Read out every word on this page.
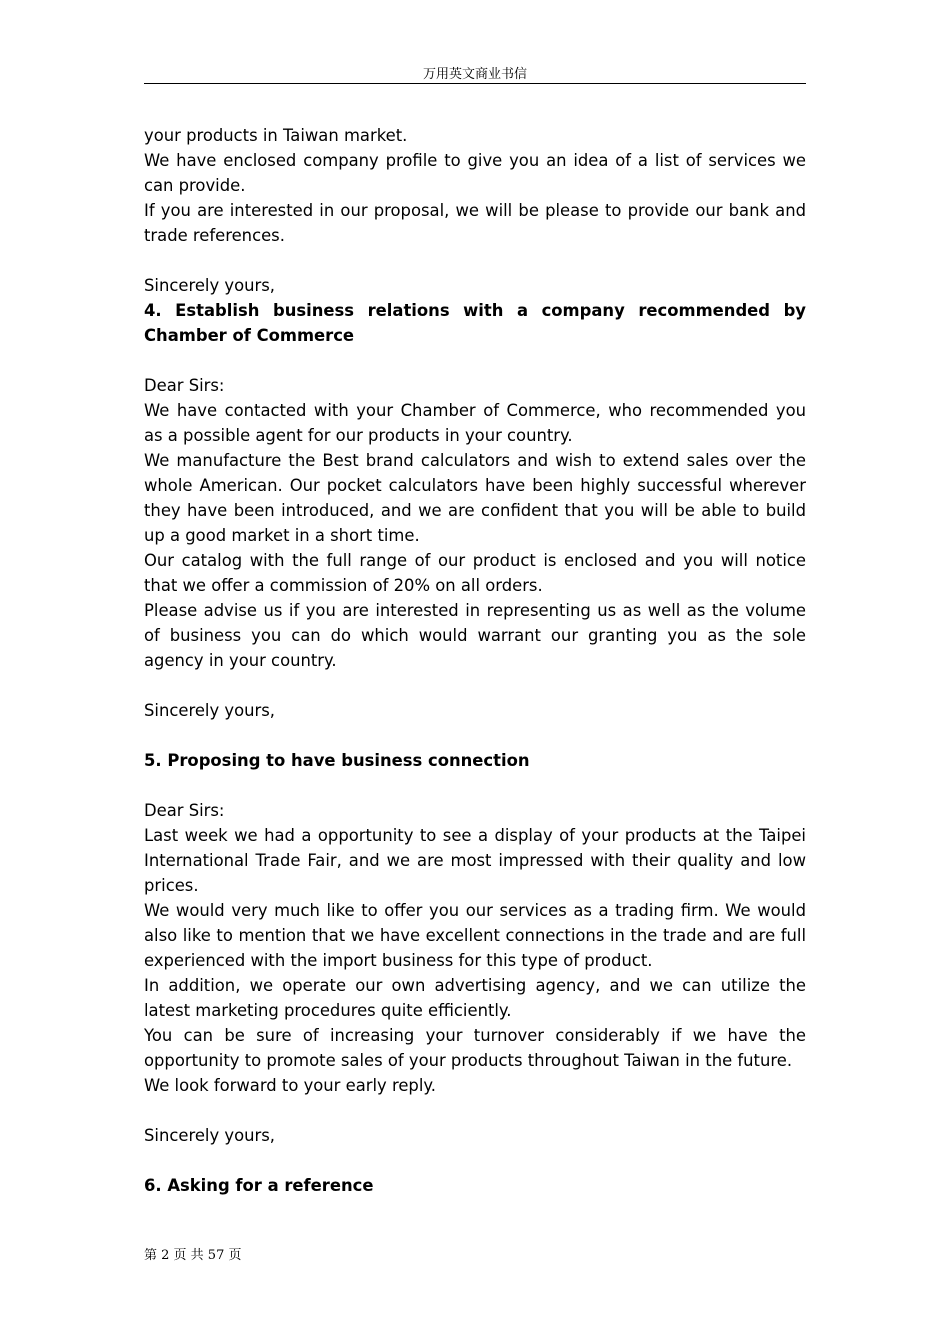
万用英文商业书信

your products in Taiwan market.

We have enclosed company profile to give you an idea of a list of services we can provide.

If you are interested in our proposal, we will be please to provide our bank and trade references.

Sincerely yours,

4. Establish business relations with a company recommended by Chamber of Commerce

Dear Sirs:

We have contacted with your Chamber of Commerce, who recommended you as a possible agent for our products in your country.

We manufacture the Best brand calculators and wish to extend sales over the whole American. Our pocket calculators have been highly successful wherever they have been introduced, and we are confident that you will be able to build up a good market in a short time.

Our catalog with the full range of our product is enclosed and you will notice that we offer a commission of 20% on all orders.

Please advise us if you are interested in representing us as well as the volume of business you can do which would warrant our granting you as the sole agency in your country.

Sincerely yours,

5. Proposing to have business connection

Dear Sirs:

Last week we had a opportunity to see a display of your products at the Taipei International Trade Fair, and we are most impressed with their quality and low prices.

We would very much like to offer you our services as a trading firm. We would also like to mention that we have excellent connections in the trade and are full experienced with the import business for this type of product.

In addition, we operate our own advertising agency, and we can utilize the latest marketing procedures quite efficiently.

You can be sure of increasing your turnover considerably if we have the opportunity to promote sales of your products throughout Taiwan in the future.

We look forward to your early reply.

Sincerely yours,

6. Asking for a reference
第 2 页 共 57 页
